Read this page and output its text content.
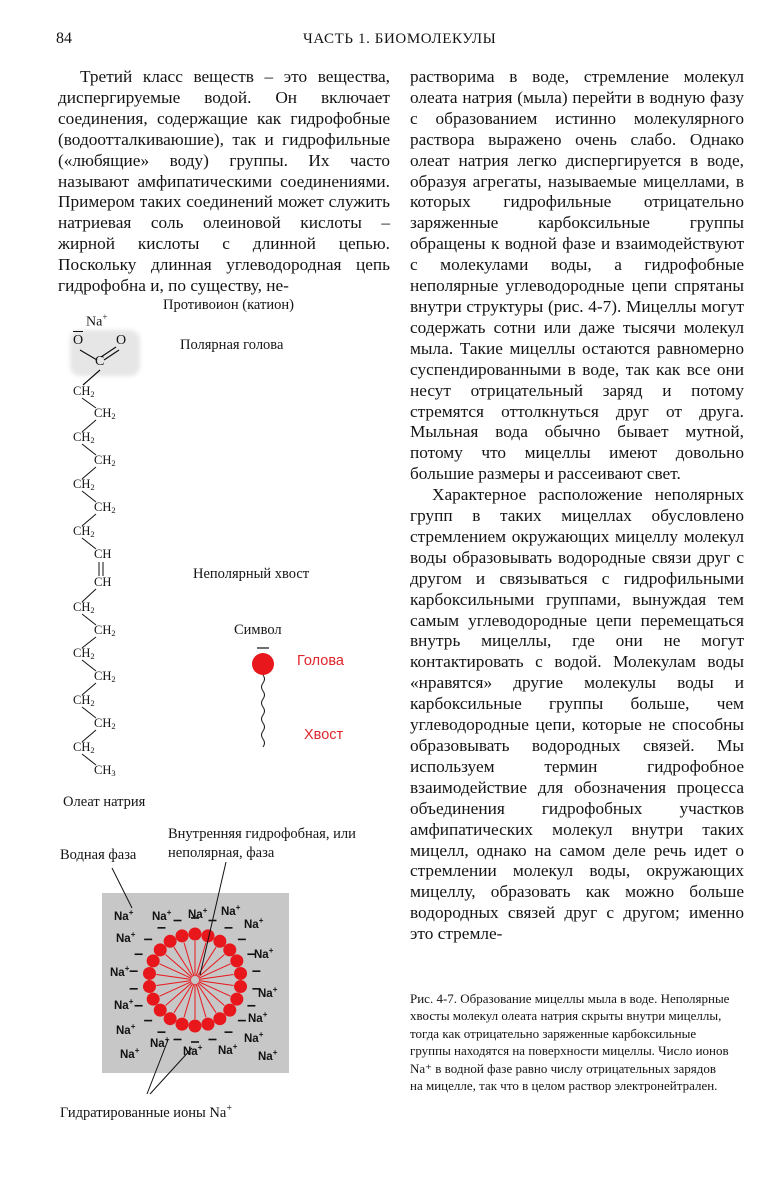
84	ЧАСТЬ 1. БИОМОЛЕКУЛЫ

Третий класс веществ – это вещества, диспергируемые водой. Он включает соединения, содержащие как гидрофобные (водоотталкиваюшие), так и гидрофильные («любящие» воду) группы. Их часто называют амфипатическими соединениями. Примером таких соединений может служить натриевая соль олеиновой кислоты – жирной кислоты с длинной цепью. Поскольку длинная углеводородная цепь гидрофобна и, по существу, не-

растворима в воде, стремление молекул олеата натрия (мыла) перейти в водную фазу с образованием истинно молекулярного раствора выражено очень слабо. Однако олеат натрия легко диспергируется в воде, образуя агрегаты, называемые мицеллами, в которых гидрофильные отрицательно заряженные карбоксильные группы обращены к водной фазе и взаимодействуют с молекулами воды, а гидрофобные неполярные углеводородные цепи спрятаны внутри структуры (рис. 4-7). Мицеллы могут содержать сотни или даже тысячи молекул мыла. Такие мицеллы остаются равномерно суспендированными в воде, так как все они несут отрицательный заряд и потому стремятся оттолкнуться друг от друга. Мыльная вода обычно бывает мутной, потому что мицеллы имеют довольно большие размеры и рассеивают свет.

Характерное расположение неполярных групп в таких мицеллах обусловлено стремлением окружающих мицеллу молекул воды образовывать водородные связи друг с другом и связываться с гидрофильными карбоксильными группами, вынуждая тем самым углеводородные цепи перемещаться внутрь мицеллы, где они не могут контактировать с водой. Молекулам воды «нравятся» другие молекулы воды и карбоксильные группы больше, чем углеводородные цепи, которые не способны образовывать водородных связей. Мы используем термин гидрофобное взаимодействие для обозначения процесса объединения гидрофобных участков амфипатических молекул внутри таких мицелл, однако на самом деле речь идет о стремлении молекул воды, окружающих мицеллу, образовать как можно больше водородных связей друг с другом; именно это стремле-

Противоион (катион)
Na+
Полярная голова
O O
C
$CH_2$
$CH_2$
$CH_2$
$CH_2$
$CH_2$
$CH_2$
$CH_2$
CH
CH
$CH_2$
$CH_2$
$CH_2$
$CH_2$
$CH_2$
$CH_2$
$CH_2$
$CH_3$
Неполярный хвост
Символ
Голова
Хвост
Олеат натрия
Внутренняя гидрофобная, или неполярная, фаза
Водная фаза
Гидратированные ионы Na+
Na+ Na+ Na+ Na+
Na+
Na+
Na+
Na+
Na+
Na+
Na+
Na+
Na+
Na+
Na+ Na+
Na+
Na+
Рис. 4-7. Образование мицеллы мыла в воде. Неполярные хвосты молекул олеата натрия скрыты внутри мицеллы, тогда как отрицательно заряженные карбоксильные группы находятся на поверхности мицеллы. Число ионов Na⁺ в водной фазе равно числу отрицательных зарядов на мицелле, так что в целом раствор электронейтрален.
